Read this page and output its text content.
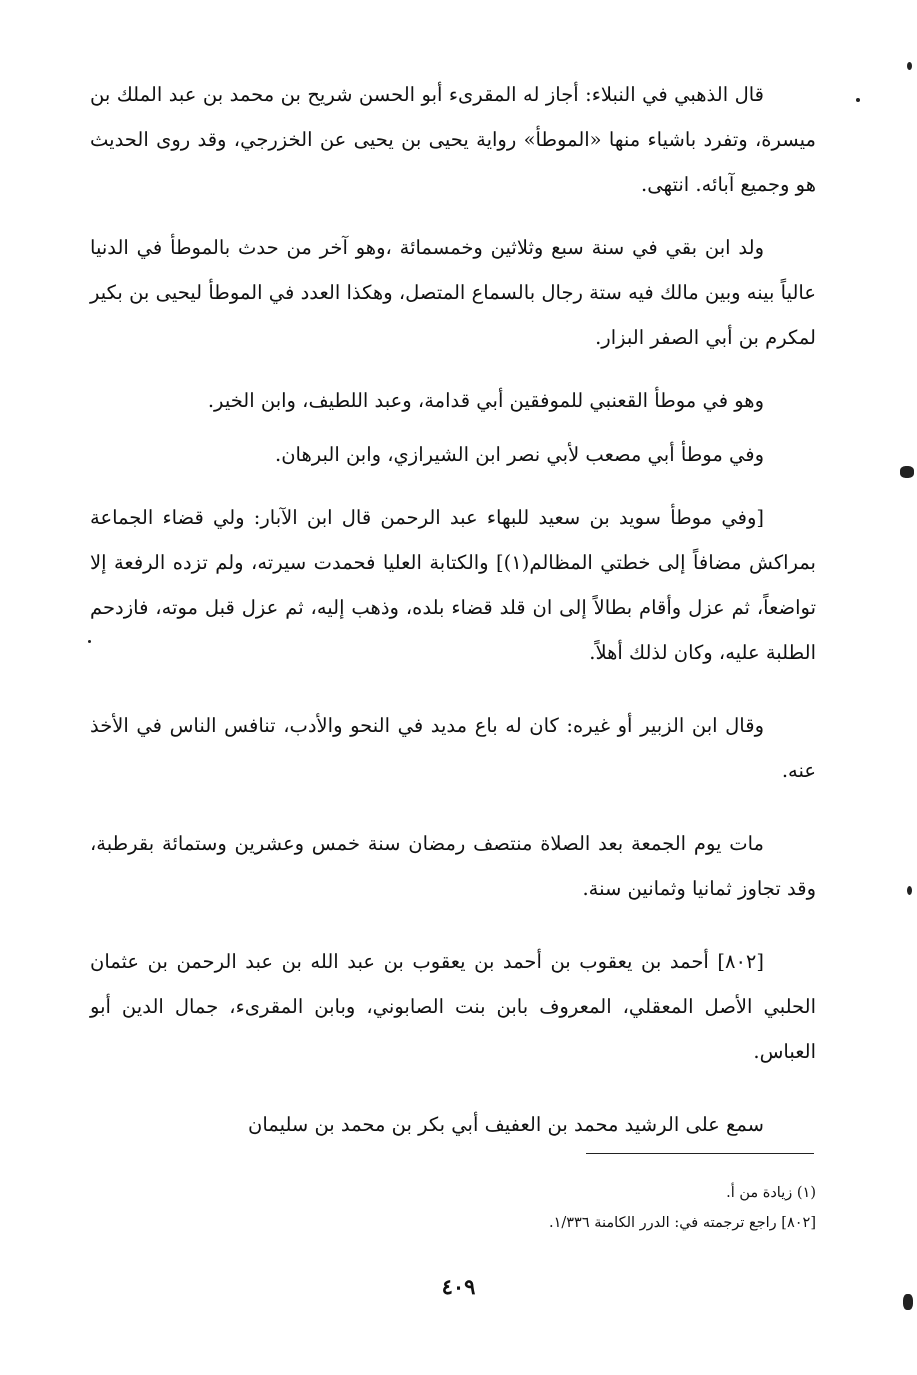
قال الذهبي في النبلاء: أجاز له المقرىء أبو الحسن شريح بن محمد بن عبد الملك بن ميسرة، وتفرد باشياء منها «الموطأ» رواية يحيى بن يحيى عن الخزرجي، وقد روى الحديث هو وجميع آبائه. انتهى.

ولد ابن بقي في سنة سبع وثلاثين وخمسمائة ،وهو آخر من حدث بالموطأ في الدنيا عالياً بينه وبين مالك فيه ستة رجال بالسماع المتصل، وهكذا العدد في الموطأ ليحيى بن بكير لمكرم بن أبي الصفر البزار.

وهو في موطأ القعنبي للموفقين أبي قدامة، وعبد اللطيف، وابن الخير.

وفي موطأ أبي مصعب لأبي نصر ابن الشيرازي، وابن البرهان.

[وفي موطأ سويد بن سعيد للبهاء عبد الرحمن قال ابن الآبار: ولي قضاء الجماعة بمراكش مضافاً إلى خطتي المظالم(١)] والكتابة العليا فحمدت سيرته، ولم تزده الرفعة إلا تواضعاً، ثم عزل وأقام بطالاً إلى ان قلد قضاء بلده، وذهب إليه، ثم عزل قبل موته، فازدحم الطلبة عليه، وكان لذلك أهلاً.

وقال ابن الزبير أو غيره: كان له باع مديد في النحو والأدب، تنافس الناس في الأخذ عنه.

مات يوم الجمعة بعد الصلاة منتصف رمضان سنة خمس وعشرين وستمائة بقرطبة، وقد تجاوز ثمانيا وثمانين سنة.

[٨٠٢] أحمد بن يعقوب بن أحمد بن يعقوب بن عبد الله بن عبد الرحمن بن عثمان الحلبي الأصل المعقلي، المعروف بابن بنت الصابوني، وبابن المقرىء، جمال الدين أبو العباس.

سمع على الرشيد محمد بن العفيف أبي بكر بن محمد بن سليمان

(١) زيادة من أ.

[٨٠٢] راجع ترجمته في: الدرر الكامنة ١/٣٣٦.

٤٠٩
